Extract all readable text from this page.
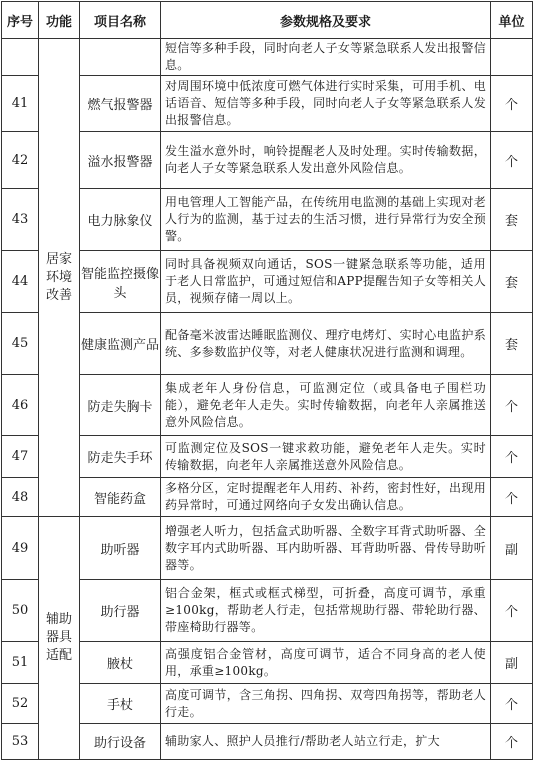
序号	功能	项目名称	参数规格及要求	单位
	居家环境改善		短信等多种手段，同时向老人子女等紧急联系人发出报警信息。	
41		燃气报警器	对周围环境中低浓度可燃气体进行实时采集，可用手机、电话语音、短信等多种手段，同时向老人子女等紧急联系人发出报警信息。	个
42		溢水报警器	发生溢水意外时，响铃提醒老人及时处理。实时传输数据，向老人子女等紧急联系人发出意外风险信息。	个
43		电力脉象仪	用电管理人工智能产品，在传统用电监测的基础上实现对老人行为的监测，基于过去的生活习惯，进行异常行为安全预警。	套
44		智能监控摄像头	同时具备视频双向通话，SOS一键紧急联系等功能，适用于老人日常监护，可通过短信和APP提醒告知子女等相关人员，视频存储一周以上。	套
45		健康监测产品	配备毫米波雷达睡眠监测仪、理疗电烤灯、实时心电监护系统、多参数监护仪等，对老人健康状况进行监测和调理。	套
46		防走失胸卡	集成老年人身份信息，可监测定位（或具备电子围栏功能），避免老年人走失。实时传输数据，向老年人亲属推送意外风险信息。	个
47		防走失手环	可监测定位及SOS一键求救功能，避免老年人走失。实时传输数据，向老年人亲属推送意外风险信息。	个
48		智能药盒	多格分区，定时提醒老年人用药、补药，密封性好，出现用药异常时，可通过网络向子女发出确认信息。	个
49	辅助器具适配	助听器	增强老人听力，包括盒式助听器、全数字耳背式助听器、全数字耳内式助听器、耳内助听器、耳背助听器、骨传导助听器等。	副
50		助行器	铝合金架，框式或框式梯型，可折叠，高度可调节，承重≥100kg，帮助老人行走，包括常规助行器、带轮助行器、带座椅助行器等。	个
51		腋杖	高强度铝合金管材，高度可调节，适合不同身高的老人使用，承重≥100kg。	副
52		手杖	高度可调节，含三角拐、四角拐、双弯四角拐等，帮助老人行走。	个
53		助行设备	辅助家人、照护人员推行/帮助老人站立行走，扩大	个
